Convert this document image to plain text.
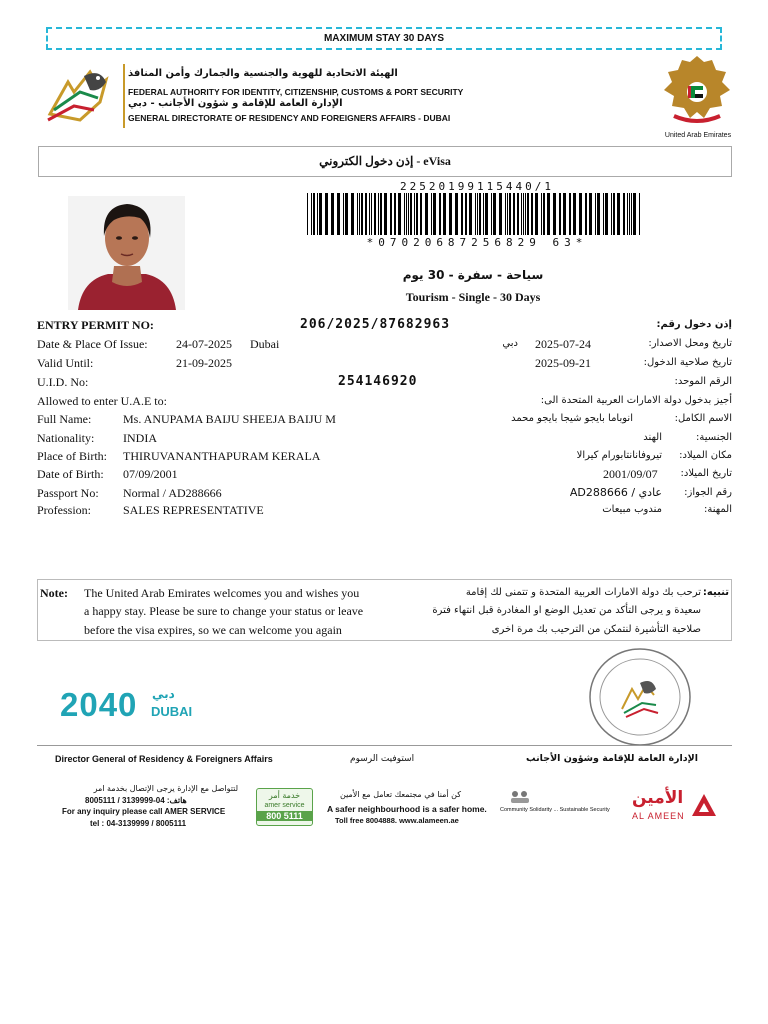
MAXIMUM STAY 30 DAYS
الهيئة الاتحادية للهوية والجنسية والجمارك وأمن المنافذ
FEDERAL AUTHORITY FOR IDENTITY, CITIZENSHIP, CUSTOMS & PORT SECURITY
الإدارة العامة للإقامة و شؤون الأجانب - دبي
GENERAL DIRECTORATE OF RESIDENCY AND FOREIGNERS AFFAIRS - DUBAI
United Arab Emirates
إذن دخول الكتروني - eVisa
22520199115440/1
*07020687256829 63*
سياحة - سفرة - 30 يوم
Tourism - Single - 30 Days
ENTRY PERMIT NO:	206/2025/87682963	إذن دخول رقم:
Date & Place Of Issue: 24-07-2025 Dubai	دبي 2025-07-24	تاريخ ومحل الاصدار:
Valid Until:	21-09-2025	2025-09-21	تاريخ صلاحية الدخول:
U.I.D. No:	254146920	الرقم الموحد:
Allowed to enter U.A.E to:	أجيز بدخول دولة الامارات العربية المتحدة الى:
Full Name:	Ms. ANUPAMA BAIJU SHEEJA BAIJU M	انوباما بايجو شيجا بايجو محمد	الاسم الكامل:
Nationality: INDIA	الهند	الجنسية:
Place of Birth: THIRUVANANTHAPURAM KERALA	تيروفانانتابورام كيرالا مكان الميلاد:
Date of Birth: 07/09/2001	2001/09/07 تاريخ الميلاد:
Passport No: Normal / AD288666	عادي / AD288666 رقم الجواز:
Profession:	SALES REPRESENTATIVE	مندوب مبيعات	المهنة:
Note: The United Arab Emirates welcomes you and wishes you
a happy stay. Please be sure to change your status or leave
before the visa expires, so we can welcome you again
تنبيه:
ترحب بك دولة الامارات العربية المتحدة و تتمنى لك إقامة
سعيدة و يرجى التأكد من تعديل الوضع او المغادرة قبل انتهاء فترة
صلاحية التأشيرة لنتمكن من الترحيب بك مرة اخرى
2040 دبي
DUBAI
Director General of Residency & Foreigners Affairs	استوفيت الرسوم	الإدارة العامة للإقامة وشؤون الأجانب
لتتواصل مع الإدارة يرجى الإتصال بخدمة امر
هاتف: 04-3139999 / 8005111
For any inquiry please call AMER SERVICE
tel : 04-3139999 / 8005111
خدمة أمر
amer service
800 5111
كن أمنا في مجتمعك تعامل مع الأمين
A safer neighbourhood is a safer home.
Toll free 8004888. www.alameen.ae
Community Solidarity ... Sustainable Security
الأمين
AL AMEEN
